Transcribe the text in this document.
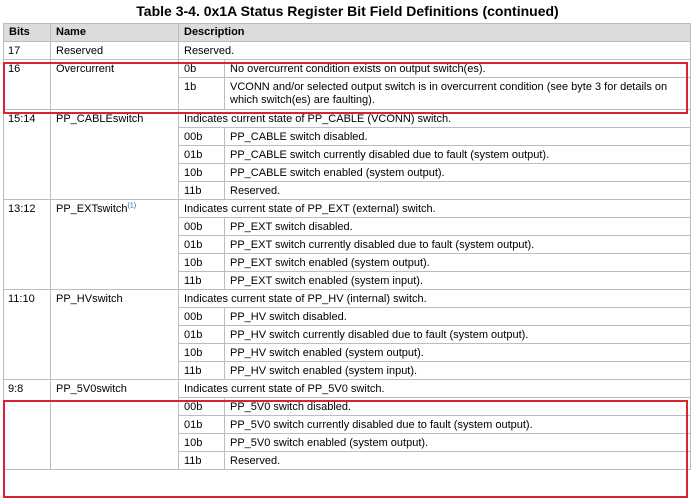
Table 3-4. 0x1A Status Register Bit Field Definitions (continued)
Bits	Name	Description	
17	Reserved	Reserved.	
16	Overcurrent	0b	No overcurrent condition exists on output switch(es).
		1b	VCONN and/or selected output switch is in overcurrent condition (see byte 3 for details on which switch(es) are faulting).
15:14	PP_CABLEswitch	Indicates current state of PP_CABLE (VCONN) switch.	
		00b	PP_CABLE switch disabled.
		01b	PP_CABLE switch currently disabled due to fault (system output).
		10b	PP_CABLE switch enabled (system output).
		11b	Reserved.
13:12	PP_EXTswitch$^{(1)}$	Indicates current state of PP_EXT (external) switch.	
		00b	PP_EXT switch disabled.
		01b	PP_EXT switch currently disabled due to fault (system output).
		10b	PP_EXT switch enabled (system output).
		11b	PP_EXT switch enabled (system input).
11:10	PP_HVswitch	Indicates current state of PP_HV (internal) switch.	
		00b	PP_HV switch disabled.
		01b	PP_HV switch currently disabled due to fault (system output).
		10b	PP_HV switch enabled (system output).
		11b	PP_HV switch enabled (system input).
9:8	PP_5V0switch	Indicates current state of PP_5V0 switch.	
		00b	PP_5V0 switch disabled.
		01b	PP_5V0 switch currently disabled due to fault (system output).
		10b	PP_5V0 switch enabled (system output).
		11b	Reserved.
